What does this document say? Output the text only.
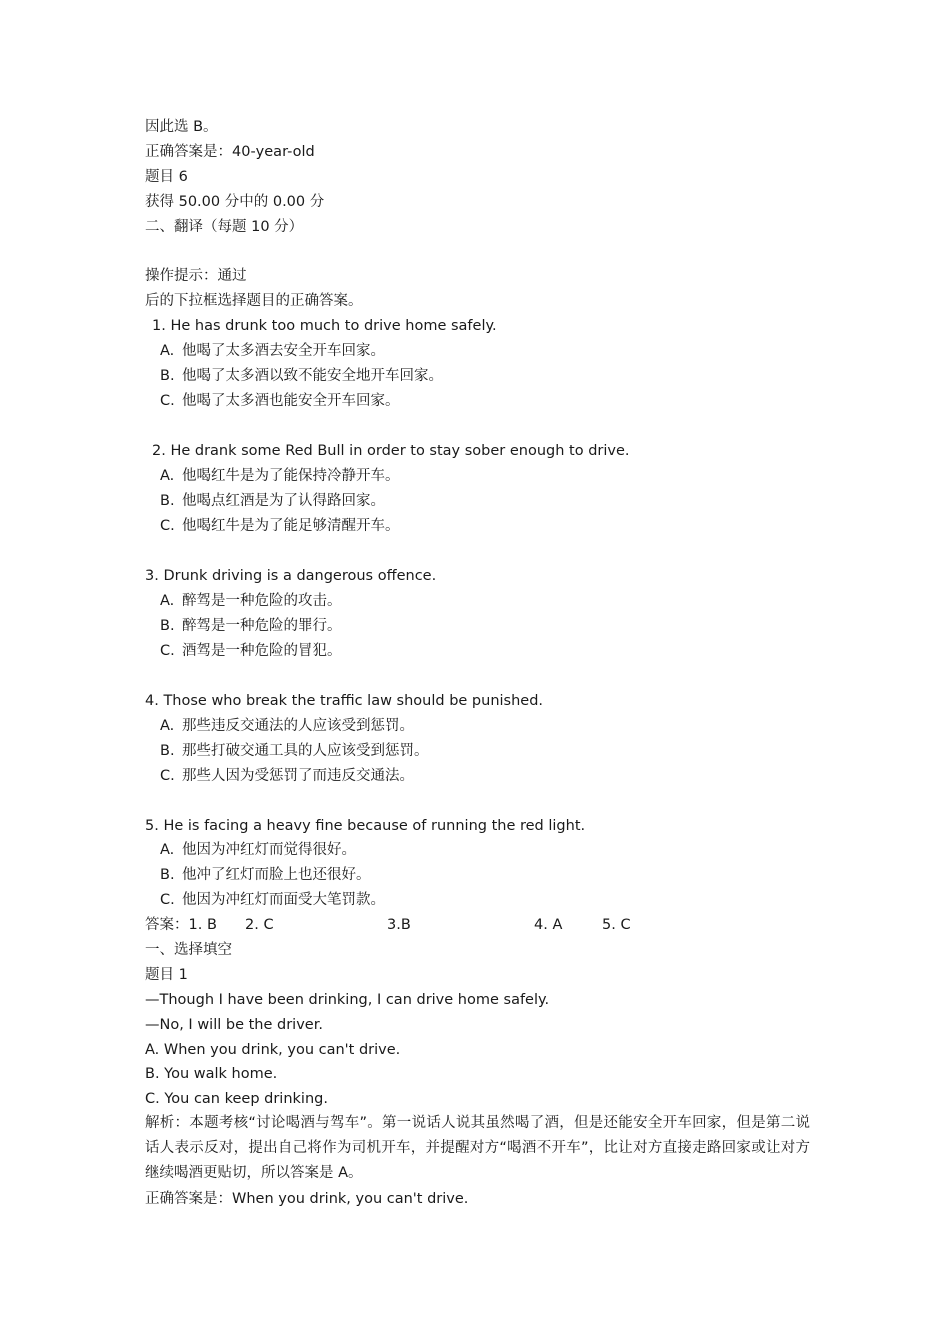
因此选 B。
正确答案是：40-year-old
题目 6
获得 50.00 分中的 0.00 分
二、翻译（每题 10 分）
操作提示：通过
后的下拉框选择题目的正确答案。
1. He has drunk too much to drive home safely.
A. 他喝了太多酒去安全开车回家。
B. 他喝了太多酒以致不能安全地开车回家。
C. 他喝了太多酒也能安全开车回家。
2. He drank some Red Bull in order to stay sober enough to drive.
A. 他喝红牛是为了能保持冷静开车。
B. 他喝点红酒是为了认得路回家。
C. 他喝红牛是为了能足够清醒开车。
3. Drunk driving is a dangerous offence.
A. 醉驾是一种危险的攻击。
B. 醉驾是一种危险的罪行。
C. 酒驾是一种危险的冒犯。
4. Those who break the traffic law should be punished.
A. 那些违反交通法的人应该受到惩罚。
B. 那些打破交通工具的人应该受到惩罚。
C. 那些人因为受惩罚了而违反交通法。
5. He is facing a heavy fine because of running the red light.
A. 他因为冲红灯而觉得很好。
B. 他冲了红灯而脸上也还很好。
C. 他因为冲红灯而面受大笔罚款。
答案：1. B 2. C	3.B	4. A	5. C
一、选择填空
题目 1
—Though I have been drinking, I can drive home safely.
—No, I will be the driver.
A. When you drink, you can't drive.
B. You walk home.
C. You can keep drinking.
解析：本题考核“讨论喝酒与驾车”。第一说话人说其虽然喝了酒，但是还能安全开车回家，但是第二说话人表示反对，提出自己将作为司机开车，并提醒对方“喝酒不开车”，比让对方直接走路回家或让对方继续喝酒更贴切，所以答案是 A。
正确答案是：When you drink, you can't drive.
